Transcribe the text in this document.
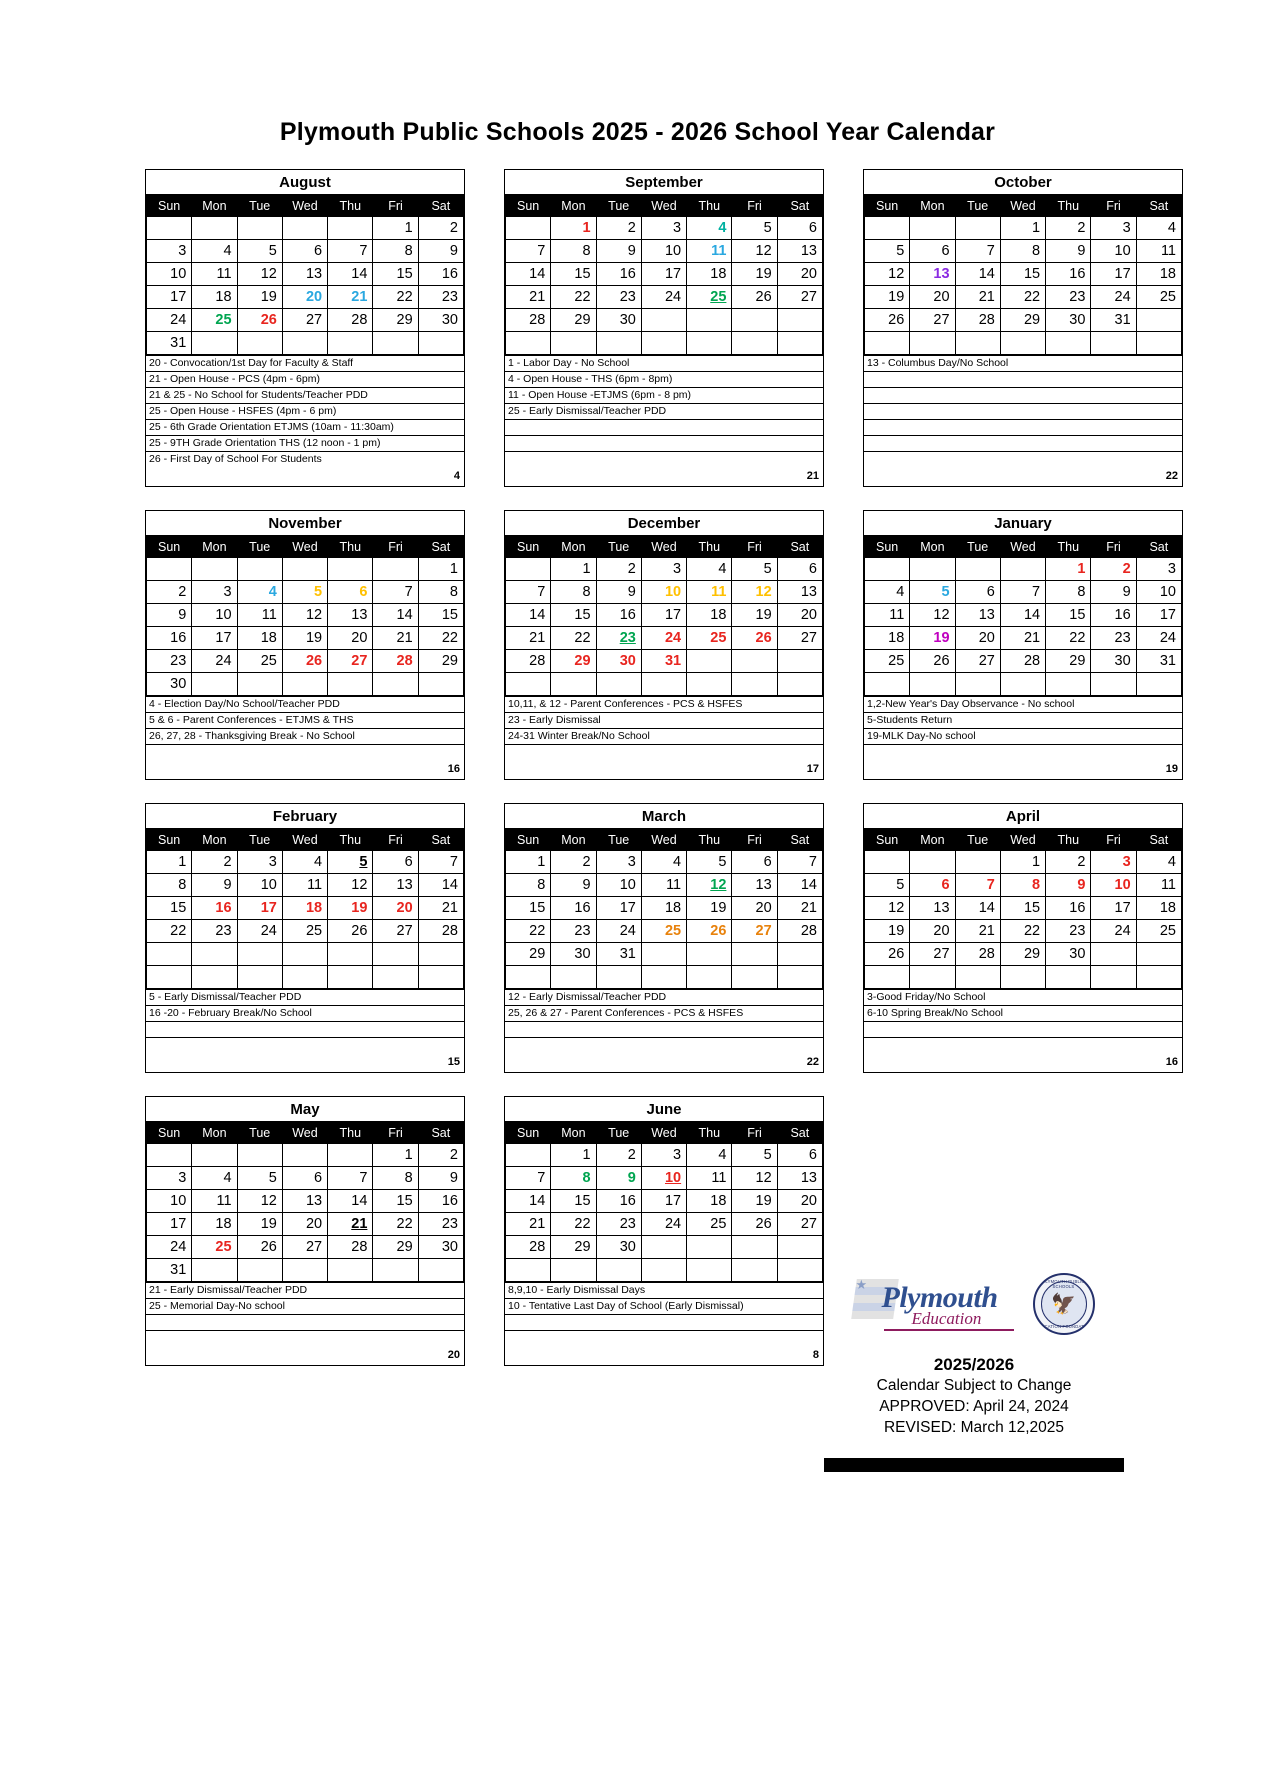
Plymouth Public Schools 2025 - 2026 School Year Calendar
August
Sun	Mon	Tue	Wed	Thu	Fri	Sat
					1	2
3	4	5	6	7	8	9
10	11	12	13	14	15	16
17	18	19	20	21	22	23
24	25	26	27	28	29	30
31						
20 - Convocation/1st Day for Faculty & Staff
21 - Open House - PCS (4pm - 6pm)
21 & 25 - No School for Students/Teacher PDD
25 - Open House - HSFES (4pm - 6 pm)
25 - 6th Grade Orientation ETJMS (10am - 11:30am)
25 - 9TH Grade Orientation THS (12 noon - 1 pm)
26 - First Day of School For Students
4
September
Sun	Mon	Tue	Wed	Thu	Fri	Sat
	1	2	3	4	5	6
7	8	9	10	11	12	13
14	15	16	17	18	19	20
21	22	23	24	25	26	27
28	29	30				

1 - Labor Day - No School
4 - Open House - THS (6pm - 8pm)
11 - Open House -ETJMS (6pm - 8 pm)
25 - Early Dismissal/Teacher PDD
21
October
Sun	Mon	Tue	Wed	Thu	Fri	Sat
			1	2	3	4
5	6	7	8	9	10	11
12	13	14	15	16	17	18
19	20	21	22	23	24	25
26	27	28	29	30	31	

13 - Columbus Day/No School
22
November
Sun	Mon	Tue	Wed	Thu	Fri	Sat
						1
2	3	4	5	6	7	8
9	10	11	12	13	14	15
16	17	18	19	20	21	22
23	24	25	26	27	28	29
30						
4 - Election Day/No School/Teacher PDD
5 & 6 - Parent Conferences - ETJMS & THS
26, 27, 28 - Thanksgiving Break - No School
16
December
Sun	Mon	Tue	Wed	Thu	Fri	Sat
	1	2	3	4	5	6
7	8	9	10	11	12	13
14	15	16	17	18	19	20
21	22	23	24	25	26	27
28	29	30	31			

10,11, & 12 - Parent Conferences - PCS & HSFES
23 - Early Dismissal
24-31 Winter Break/No School
17
January
Sun	Mon	Tue	Wed	Thu	Fri	Sat
				1	2	3
4	5	6	7	8	9	10
11	12	13	14	15	16	17
18	19	20	21	22	23	24
25	26	27	28	29	30	31

1,2-New Year's Day Observance - No school
5-Students Return
19-MLK Day-No school
19
February
Sun	Mon	Tue	Wed	Thu	Fri	Sat
1	2	3	4	5	6	7
8	9	10	11	12	13	14
15	16	17	18	19	20	21
22	23	24	25	26	27	28

5 - Early Dismissal/Teacher PDD
16 -20 - February Break/No School
15
March
Sun	Mon	Tue	Wed	Thu	Fri	Sat
1	2	3	4	5	6	7
8	9	10	11	12	13	14
15	16	17	18	19	20	21
22	23	24	25	26	27	28
29	30	31				

12 - Early Dismissal/Teacher PDD
25, 26 & 27 - Parent Conferences - PCS & HSFES
22
April
Sun	Mon	Tue	Wed	Thu	Fri	Sat
			1	2	3	4
5	6	7	8	9	10	11
12	13	14	15	16	17	18
19	20	21	22	23	24	25
26	27	28	29	30		

3-Good Friday/No School
6-10 Spring Break/No School
16
May
Sun	Mon	Tue	Wed	Thu	Fri	Sat
					1	2
3	4	5	6	7	8	9
10	11	12	13	14	15	16
17	18	19	20	21	22	23
24	25	26	27	28	29	30
31						
21 - Early Dismissal/Teacher PDD
25 - Memorial Day-No school
20
June
Sun	Mon	Tue	Wed	Thu	Fri	Sat
	1	2	3	4	5	6
7	8	9	10	11	12	13
14	15	16	17	18	19	20
21	22	23	24	25	26	27
28	29	30				

8,9,10 - Early Dismissal Days
10 - Tentative Last Day of School (Early Dismissal)
8
★ Plymouth
Education
PLYMOUTH PUBLIC SCHOOLS
🦅
EDUCATION FOUNDATION
2025/2026
Calendar Subject to Change
APPROVED: April 24, 2024
REVISED: March 12,2025
